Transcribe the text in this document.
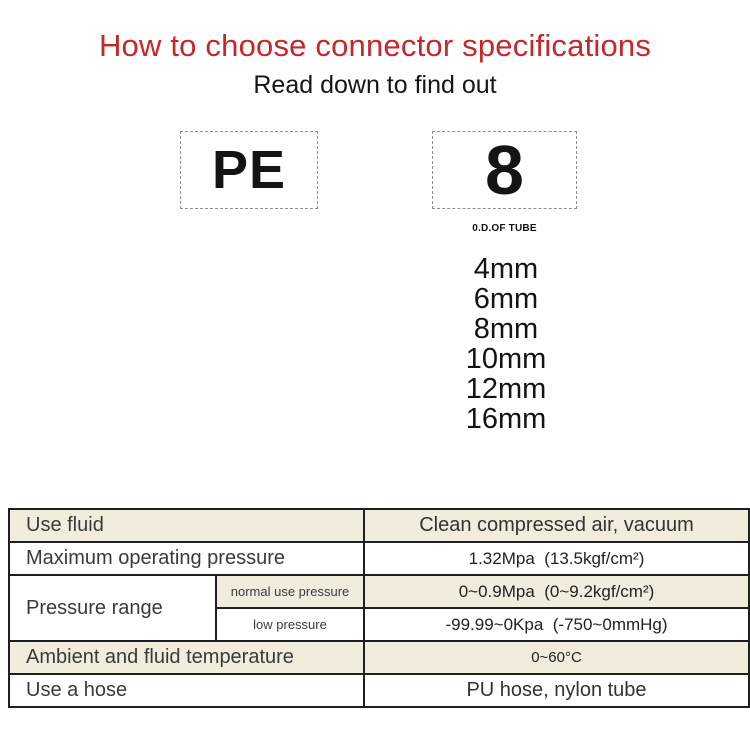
How to choose connector specifications
Read down to find out
PE	8
0.D.OF TUBE
4mm
6mm
8mm
10mm
12mm
16mm
Use fluid		Clean compressed air, vacuum
Maximum operating pressure		1.32Mpa  (13.5kgf/cm²)
Pressure range	normal use pressure	0~0.9Mpa  (0~9.2kgf/cm²)
	low pressure	-99.99~0Kpa  (-750~0mmHg)
Ambient and fluid temperature		0~60°C
Use a hose		PU hose, nylon tube
